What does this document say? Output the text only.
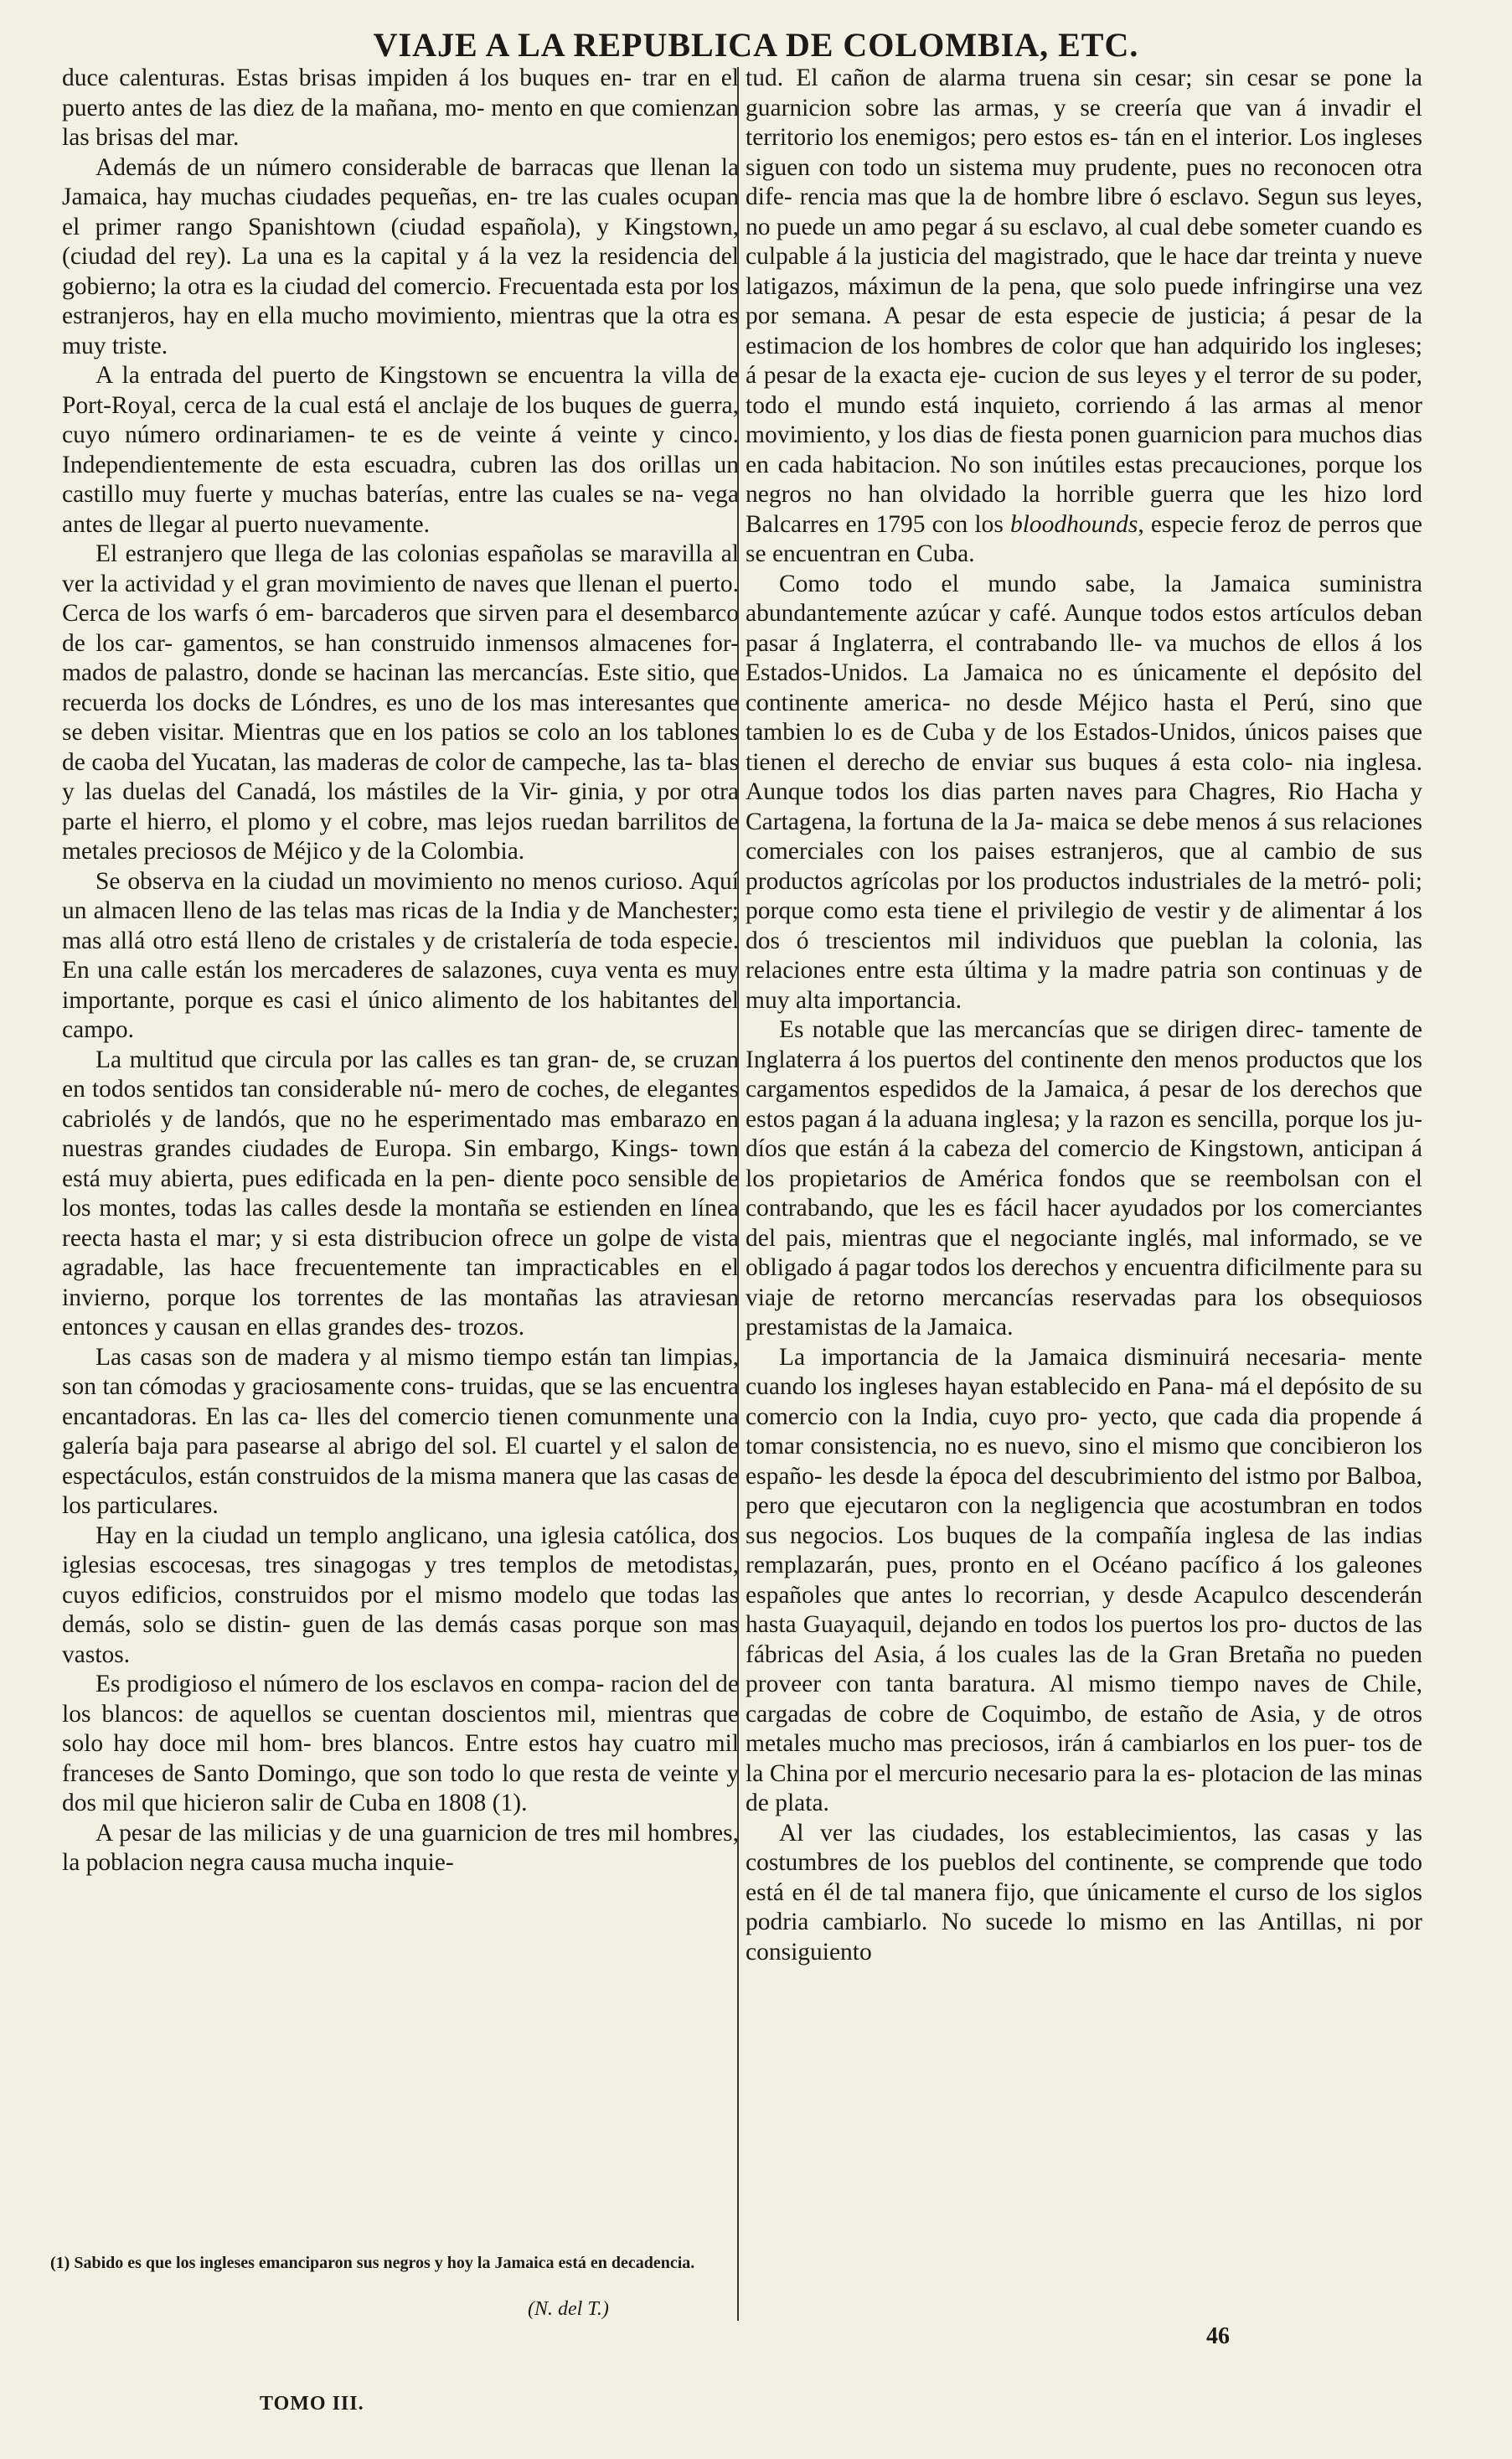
VIAJE A LA REPUBLICA DE COLOMBIA, ETC.

duce calenturas. Estas brisas impiden á los buques en- trar en el puerto antes de las diez de la mañana, mo- mento en que comienzan las brisas del mar.

Además de un número considerable de barracas que llenan la Jamaica, hay muchas ciudades pequeñas, en- tre las cuales ocupan el primer rango Spanishtown (ciudad española), y Kingstown, (ciudad del rey). La una es la capital y á la vez la residencia del gobierno; la otra es la ciudad del comercio. Frecuentada esta por los estranjeros, hay en ella mucho movimiento, mientras que la otra es muy triste.

A la entrada del puerto de Kingstown se encuentra la villa de Port-Royal, cerca de la cual está el anclaje de los buques de guerra, cuyo número ordinariamen- te es de veinte á veinte y cinco. Independientemente de esta escuadra, cubren las dos orillas un castillo muy fuerte y muchas baterías, entre las cuales se na- vega antes de llegar al puerto nuevamente.

El estranjero que llega de las colonias españolas se maravilla al ver la actividad y el gran movimiento de naves que llenan el puerto. Cerca de los warfs ó em- barcaderos que sirven para el desembarco de los car- gamentos, se han construido inmensos almacenes for- mados de palastro, donde se hacinan las mercancías. Este sitio, que recuerda los docks de Lóndres, es uno de los mas interesantes que se deben visitar. Mientras que en los patios se colo an los tablones de caoba del Yucatan, las maderas de color de campeche, las ta- blas y las duelas del Canadá, los mástiles de la Vir- ginia, y por otra parte el hierro, el plomo y el cobre, mas lejos ruedan barrilitos de metales preciosos de Méjico y de la Colombia.

Se observa en la ciudad un movimiento no menos curioso. Aquí un almacen lleno de las telas mas ricas de la India y de Manchester; mas allá otro está lleno de cristales y de cristalería de toda especie. En una calle están los mercaderes de salazones, cuya venta es muy importante, porque es casi el único alimento de los habitantes del campo.

La multitud que circula por las calles es tan gran- de, se cruzan en todos sentidos tan considerable nú- mero de coches, de elegantes cabriolés y de landós, que no he esperimentado mas embarazo en nuestras grandes ciudades de Europa. Sin embargo, Kings- town está muy abierta, pues edificada en la pen- diente poco sensible de los montes, todas las calles desde la montaña se estienden en línea reecta hasta el mar; y si esta distribucion ofrece un golpe de vista agradable, las hace frecuentemente tan impracticables en el invierno, porque los torrentes de las montañas las atraviesan entonces y causan en ellas grandes des- trozos.

Las casas son de madera y al mismo tiempo están tan limpias, son tan cómodas y graciosamente cons- truidas, que se las encuentra encantadoras. En las ca- lles del comercio tienen comunmente una galería baja para pasearse al abrigo del sol. El cuartel y el salon de espectáculos, están construidos de la misma manera que las casas de los particulares.

Hay en la ciudad un templo anglicano, una iglesia católica, dos iglesias escocesas, tres sinagogas y tres templos de metodistas, cuyos edificios, construidos por el mismo modelo que todas las demás, solo se distin- guen de las demás casas porque son mas vastos.

Es prodigioso el número de los esclavos en compa- racion del de los blancos: de aquellos se cuentan doscientos mil, mientras que solo hay doce mil hom- bres blancos. Entre estos hay cuatro mil franceses de Santo Domingo, que son todo lo que resta de veinte y dos mil que hicieron salir de Cuba en 1808 (1).

A pesar de las milicias y de una guarnicion de tres mil hombres, la poblacion negra causa mucha inquie-

tud. El cañon de alarma truena sin cesar; sin cesar se pone la guarnicion sobre las armas, y se creería que van á invadir el territorio los enemigos; pero estos es- tán en el interior. Los ingleses siguen con todo un sistema muy prudente, pues no reconocen otra dife- rencia mas que la de hombre libre ó esclavo. Segun sus leyes, no puede un amo pegar á su esclavo, al cual debe someter cuando es culpable á la justicia del magistrado, que le hace dar treinta y nueve latigazos, máximun de la pena, que solo puede infringirse una vez por semana. A pesar de esta especie de justicia; á pesar de la estimacion de los hombres de color que han adquirido los ingleses; á pesar de la exacta eje- cucion de sus leyes y el terror de su poder, todo el mundo está inquieto, corriendo á las armas al menor movimiento, y los dias de fiesta ponen guarnicion para muchos dias en cada habitacion. No son inútiles estas precauciones, porque los negros no han olvidado la horrible guerra que les hizo lord Balcarres en 1795 con los bloodhounds, especie feroz de perros que se encuentran en Cuba.

Como todo el mundo sabe, la Jamaica suministra abundantemente azúcar y café. Aunque todos estos artículos deban pasar á Inglaterra, el contrabando lle- va muchos de ellos á los Estados-Unidos. La Jamaica no es únicamente el depósito del continente america- no desde Méjico hasta el Perú, sino que tambien lo es de Cuba y de los Estados-Unidos, únicos paises que tienen el derecho de enviar sus buques á esta colo- nia inglesa. Aunque todos los dias parten naves para Chagres, Rio Hacha y Cartagena, la fortuna de la Ja- maica se debe menos á sus relaciones comerciales con los paises estranjeros, que al cambio de sus productos agrícolas por los productos industriales de la metró- poli; porque como esta tiene el privilegio de vestir y de alimentar á los dos ó trescientos mil individuos que pueblan la colonia, las relaciones entre esta última y la madre patria son continuas y de muy alta importancia.

Es notable que las mercancías que se dirigen direc- tamente de Inglaterra á los puertos del continente den menos productos que los cargamentos espedidos de la Jamaica, á pesar de los derechos que estos pagan á la aduana inglesa; y la razon es sencilla, porque los ju- díos que están á la cabeza del comercio de Kingstown, anticipan á los propietarios de América fondos que se reembolsan con el contrabando, que les es fácil hacer ayudados por los comerciantes del pais, mientras que el negociante inglés, mal informado, se ve obligado á pagar todos los derechos y encuentra dificilmente para su viaje de retorno mercancías reservadas para los obsequiosos prestamistas de la Jamaica.

La importancia de la Jamaica disminuirá necesaria- mente cuando los ingleses hayan establecido en Pana- má el depósito de su comercio con la India, cuyo pro- yecto, que cada dia propende á tomar consistencia, no es nuevo, sino el mismo que concibieron los españo- les desde la época del descubrimiento del istmo por Balboa, pero que ejecutaron con la negligencia que acostumbran en todos sus negocios. Los buques de la compañía inglesa de las indias remplazarán, pues, pronto en el Océano pacífico á los galeones españoles que antes lo recorrian, y desde Acapulco descenderán hasta Guayaquil, dejando en todos los puertos los pro- ductos de las fábricas del Asia, á los cuales las de la Gran Bretaña no pueden proveer con tanta baratura. Al mismo tiempo naves de Chile, cargadas de cobre de Coquimbo, de estaño de Asia, y de otros metales mucho mas preciosos, irán á cambiarlos en los puer- tos de la China por el mercurio necesario para la es- plotacion de las minas de plata.

Al ver las ciudades, los establecimientos, las casas y las costumbres de los pueblos del continente, se comprende que todo está en él de tal manera fijo, que únicamente el curso de los siglos podria cambiarlo. No sucede lo mismo en las Antillas, ni por consiguiento

(1) Sabido es que los ingleses emanciparon sus negros y hoy la Jamaica está en decadencia.
(N. del T.)
TOMO III.
46
